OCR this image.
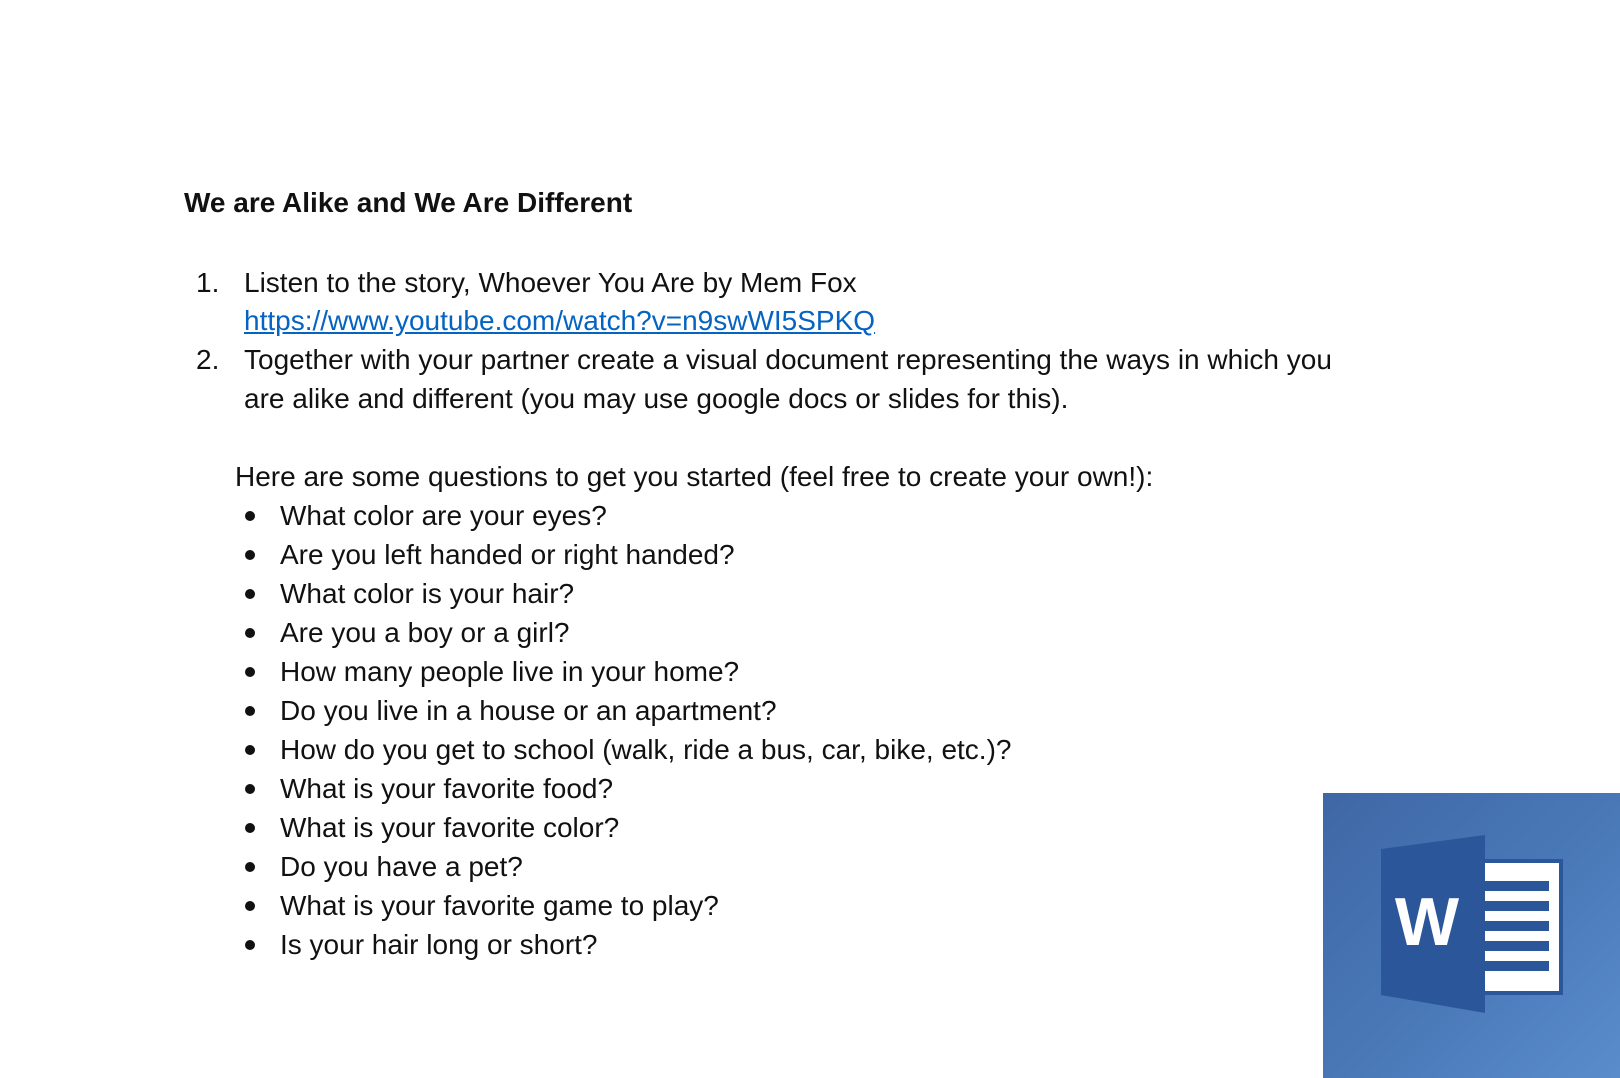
We are Alike and We Are Different
1. Listen to the story, Whoever You Are by Mem Fox
https://www.youtube.com/watch?v=n9swWI5SPKQ
2. Together with your partner create a visual document representing the ways in which you
are alike and different (you may use google docs or slides for this).
Here are some questions to get you started (feel free to create your own!):
What color are your eyes?
Are you left handed or right handed?
What color is your hair?
Are you a boy or a girl?
How many people live in your home?
Do you live in a house or an apartment?
How do you get to school (walk, ride a bus, car, bike, etc.)?
What is your favorite food?
What is your favorite color?
Do you have a pet?
What is your favorite game to play?
Is your hair long or short?	W
